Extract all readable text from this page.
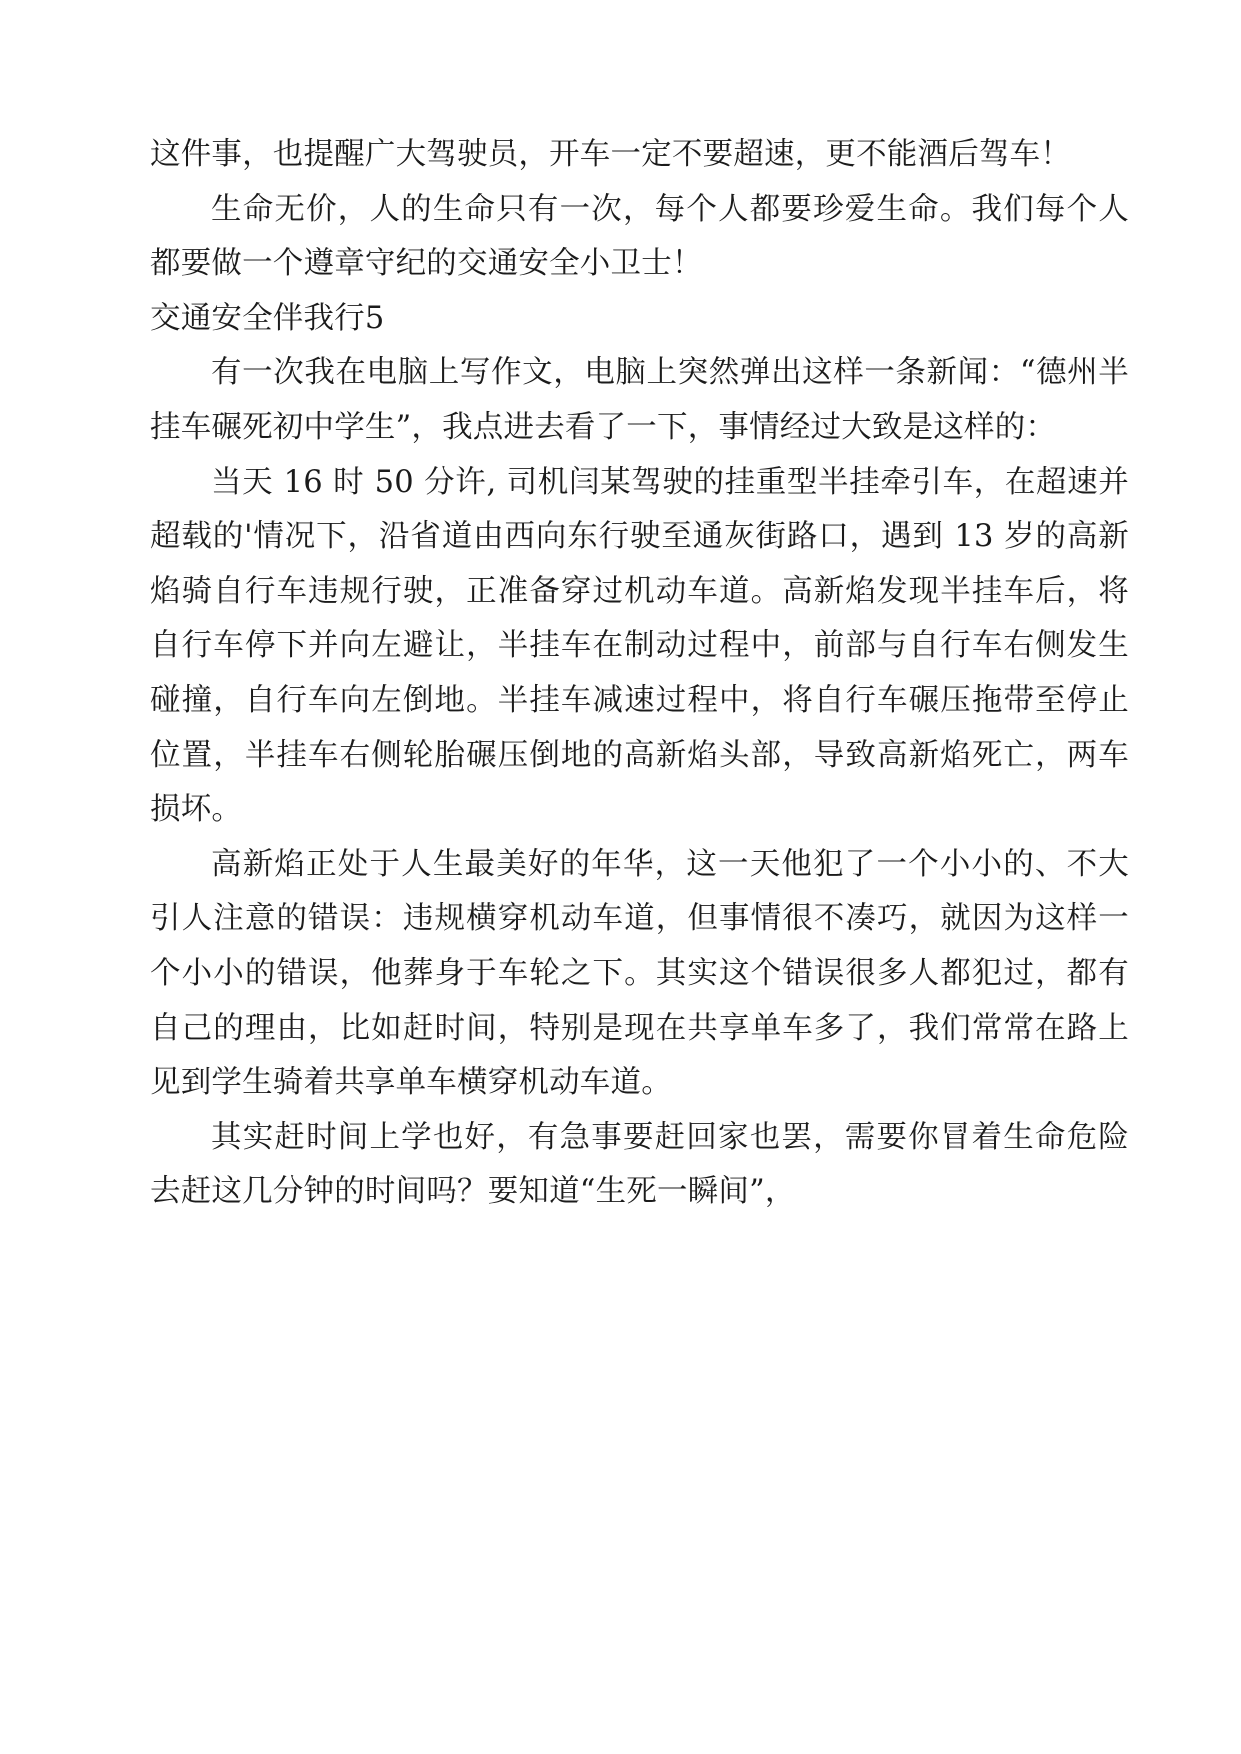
这件事，也提醒广大驾驶员，开车一定不要超速，更不能酒后驾车！

生命无价，人的生命只有一次，每个人都要珍爱生命。我们每个人都要做一个遵章守纪的交通安全小卫士！

交通安全伴我行5

有一次我在电脑上写作文，电脑上突然弹出这样一条新闻：“德州半挂车碾死初中学生”，我点进去看了一下，事情经过大致是这样的：

当天 16 时 50 分许, 司机闫某驾驶的挂重型半挂牵引车，在超速并超载的'情况下，沿省道由西向东行驶至通灰街路口，遇到 13 岁的高新焰骑自行车违规行驶，正准备穿过机动车道。高新焰发现半挂车后，将自行车停下并向左避让，半挂车在制动过程中，前部与自行车右侧发生碰撞，自行车向左倒地。半挂车减速过程中，将自行车碾压拖带至停止位置，半挂车右侧轮胎碾压倒地的高新焰头部，导致高新焰死亡，两车损坏。

高新焰正处于人生最美好的年华，这一天他犯了一个小小的、不大引人注意的错误：违规横穿机动车道，但事情很不凑巧，就因为这样一个小小的错误，他葬身于车轮之下。其实这个错误很多人都犯过，都有自己的理由，比如赶时间，特别是现在共享单车多了，我们常常在路上见到学生骑着共享单车横穿机动车道。

其实赶时间上学也好，有急事要赶回家也罢，需要你冒着生命危险去赶这几分钟的时间吗？要知道“生死一瞬间”，
